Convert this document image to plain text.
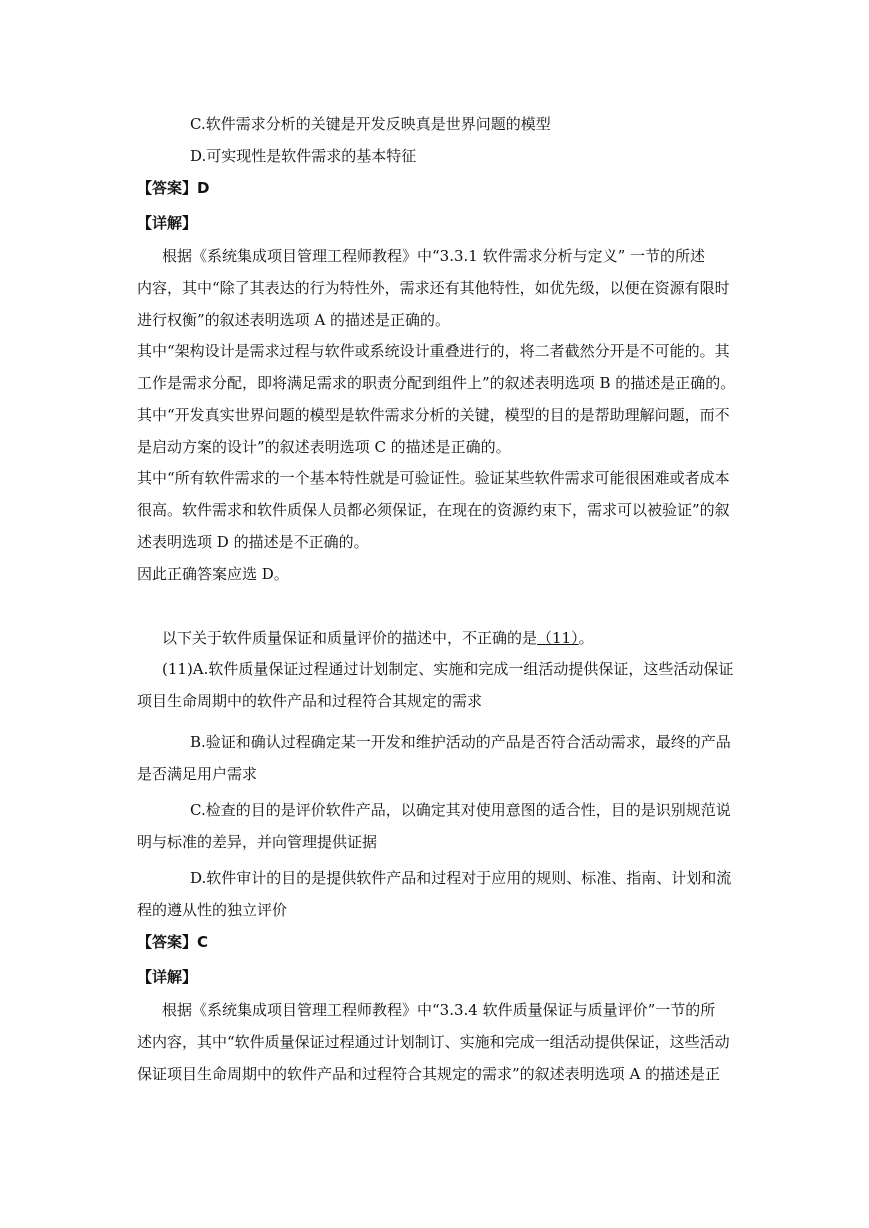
C.软件需求分析的关键是开发反映真是世界问题的模型
D.可实现性是软件需求的基本特征
【答案】D
【详解】
根据《系统集成项目管理工程师教程》中“3.3.1 软件需求分析与定义” 一节的所述
内容，其中“除了其表达的行为特性外，需求还有其他特性，如优先级，以便在资源有限时
进行权衡”的叙述表明选项 A 的描述是正确的。
其中“架构设计是需求过程与软件或系统设计重叠进行的，将二者截然分开是不可能的。其
工作是需求分配，即将满足需求的职责分配到组件上”的叙述表明选项 B 的描述是正确的。
其中“开发真实世界问题的模型是软件需求分析的关键，模型的目的是帮助理解问题，而不
是启动方案的设计”的叙述表明选项 C 的描述是正确的。
其中“所有软件需求的一个基本特性就是可验证性。验证某些软件需求可能很困难或者成本
很高。软件需求和软件质保人员都必须保证，在现在的资源约束下，需求可以被验证”的叙
述表明选项 D 的描述是不正确的。
因此正确答案应选 D。
以下关于软件质量保证和质量评价的描述中，不正确的是（11）。
(11)A.软件质量保证过程通过计划制定、实施和完成一组活动提供保证，这些活动保证
项目生命周期中的软件产品和过程符合其规定的需求
B.验证和确认过程确定某一开发和维护活动的产品是否符合活动需求，最终的产品
是否满足用户需求
C.检查的目的是评价软件产品，以确定其对使用意图的适合性，目的是识别规范说
明与标准的差异，并向管理提供证据
D.软件审计的目的是提供软件产品和过程对于应用的规则、标准、指南、计划和流
程的遵从性的独立评价
【答案】C
【详解】
根据《系统集成项目管理工程师教程》中“3.3.4 软件质量保证与质量评价”一节的所
述内容，其中“软件质量保证过程通过计划制订、实施和完成一组活动提供保证，这些活动
保证项目生命周期中的软件产品和过程符合其规定的需求”的叙述表明选项 A 的描述是正
